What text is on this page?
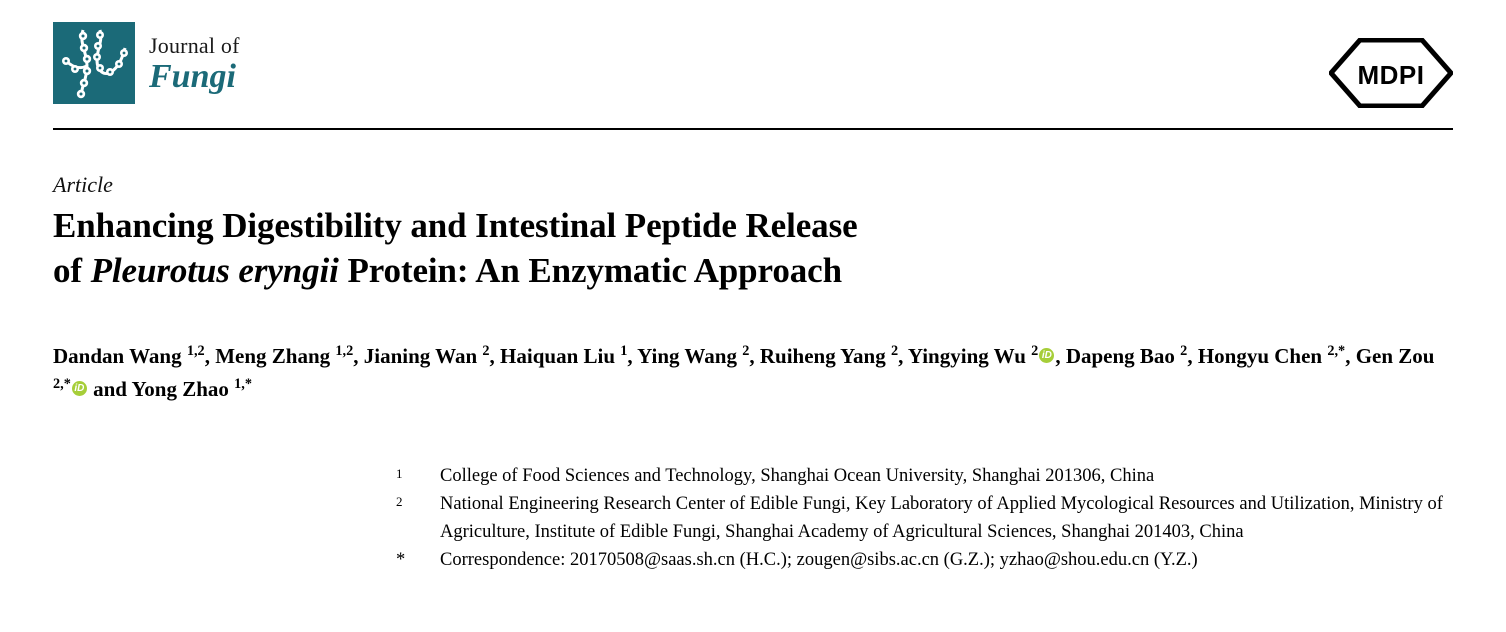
Journal of
Fungi	MDPI
Article
Enhancing Digestibility and Intestinal Peptide Release
of Pleurotus eryngii Protein: An Enzymatic Approach
Dandan Wang $^{1,2}$, Meng Zhang $^{1,2}$, Jianing Wan $^2$, Haiquan Liu $^1$, Ying Wang $^2$, Ruiheng Yang $^2$, Yingying Wu $^2$ iD , Dapeng Bao $^2$, Hongyu Chen $^{2,*}$, Gen Zou $^{2,*}$ iD and Yong Zhao $^{1,*}$
1	College of Food Sciences and Technology, Shanghai Ocean University, Shanghai 201306, China
2	National Engineering Research Center of Edible Fungi, Key Laboratory of Applied Mycological Resources and Utilization, Ministry of Agriculture, Institute of Edible Fungi, Shanghai Academy of Agricultural Sciences, Shanghai 201403, China
*	Correspondence: 20170508@saas.sh.cn (H.C.); zougen@sibs.ac.cn (G.Z.); yzhao@shou.edu.cn (Y.Z.)
